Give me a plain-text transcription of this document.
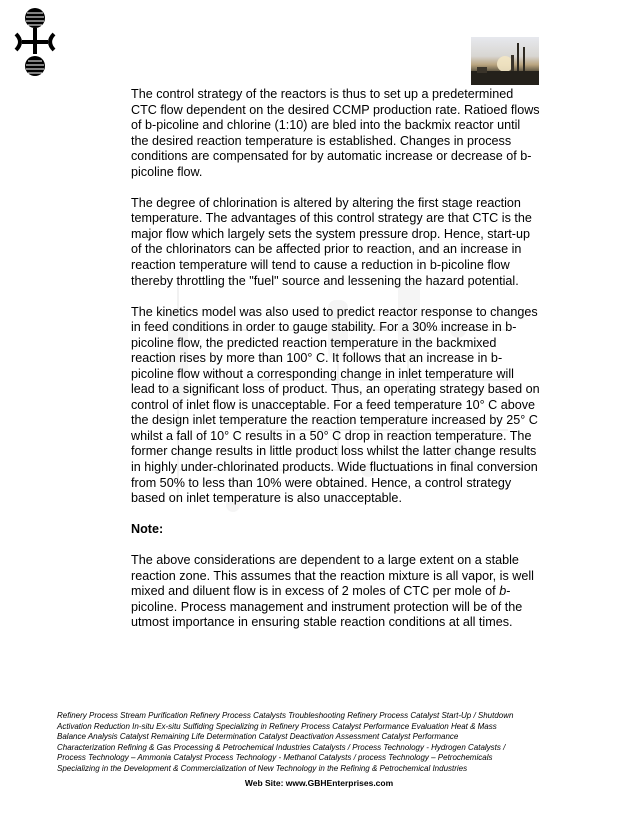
The control strategy of the reactors is thus to set up a predetermined CTC flow dependent on the desired CCMP production rate. Ratioed flows of b-picoline and chlorine (1:10) are bled into the backmix reactor until the desired reaction temperature is established. Changes in process conditions are compensated for by automatic increase or decrease of b-picoline flow.

The degree of chlorination is altered by altering the first stage reaction temperature. The advantages of this control strategy are that CTC is the major flow which largely sets the system pressure drop. Hence, start-up of the chlorinators can be affected prior to reaction, and an increase in reaction temperature will tend to cause a reduction in b-picoline flow thereby throttling the "fuel" source and lessening the hazard potential.

The kinetics model was also used to predict reactor response to changes in feed conditions in order to gauge stability. For a 30% increase in b-picoline flow, the predicted reaction temperature in the backmixed reaction rises by more than 100° C. It follows that an increase in b-picoline flow without a corresponding change in inlet temperature will lead to a significant loss of product. Thus, an operating strategy based on control of inlet flow is unacceptable. For a feed temperature 10° C above the design inlet temperature the reaction temperature increased by 25° C whilst a fall of 10° C results in a 50° C drop in reaction temperature. The former change results in little product loss whilst the latter change results in highly under-chlorinated products. Wide fluctuations in final conversion from 50% to less than 10% were obtained. Hence, a control strategy based on inlet temperature is also unacceptable.

Note:

The above considerations are dependent to a large extent on a stable reaction zone. This assumes that the reaction mixture is all vapor, is well mixed and diluent flow is in excess of 2 moles of CTC per mole of b-picoline. Process management and instrument protection will be of the utmost importance in ensuring stable reaction conditions at all times.

Refinery Process Stream Purification Refinery Process Catalysts Troubleshooting Refinery Process Catalyst Start-Up / Shutdown
Activation Reduction In-situ Ex-situ Sulfiding Specializing in Refinery Process Catalyst Performance Evaluation Heat & Mass
Balance Analysis Catalyst Remaining Life Determination Catalyst Deactivation Assessment Catalyst Performance
Characterization Refining & Gas Processing & Petrochemical Industries Catalysts / Process Technology - Hydrogen Catalysts /
Process Technology – Ammonia Catalyst Process Technology - Methanol Catalysts / process Technology – Petrochemicals
Specializing in the Development & Commercialization of New Technology in the Refining & Petrochemical Industries
Web Site: www.GBHEnterprises.com
